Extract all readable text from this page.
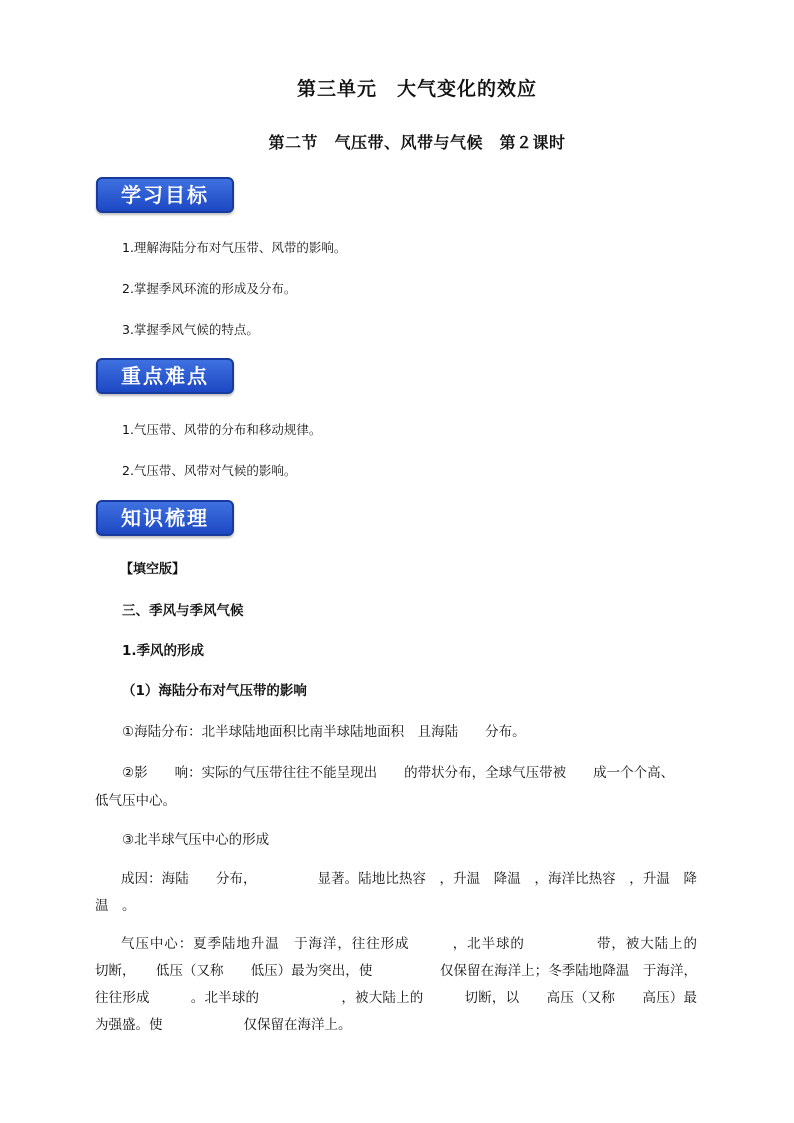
第三单元　大气变化的效应
第二节　气压带、风带与气候　第２课时
学习目标
1.理解海陆分布对气压带、风带的影响。
2.掌握季风环流的形成及分布。
3.掌握季风气候的特点。
重点难点
1.气压带、风带的分布和移动规律。
2.气压带、风带对气候的影响。
知识梳理
【填空版】
三、季风与季风气候
1.季风的形成
（1）海陆分布对气压带的影响
①海陆分布：北半球陆地面积比南半球陆地面积　且海陆　　分布。
②影　　响：实际的气压带往往不能呈现出　　的带状分布，全球气压带被　　成一个个高、
低气压中心。
③北半球气压中心的形成
成因：海陆　　分布，　　　　　显著。陆地比热容　，升温　降温　，海洋比热容　，升温　降温　。
气压中心：夏季陆地升温　于海洋，往往形成　　　，北半球的　　　　　带，被大陆上的　　切断，　　低压（又称　　低压）最为突出，使　　　　　仅保留在海洋上；冬季陆地降温　于海洋，往往形成　　　。北半球的　　　　　　，被大陆上的　　　切断，以　　高压（又称　　高压）最为强盛。使　　　　　　仅保留在海洋上。
